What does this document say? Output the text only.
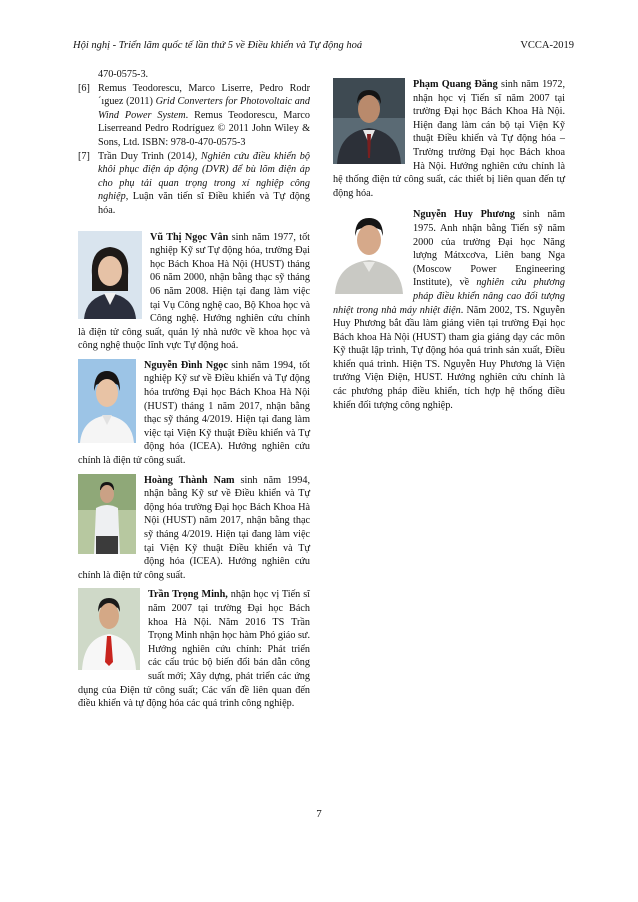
Hội nghị - Triển lãm quốc tế lần thứ 5 về Điều khiển và Tự động hoá	VCCA-2019

470-0575-3.

[6] Remus Teodorescu, Marco Liserre, Pedro Rodr´ıguez (2011) Grid Converters for Photovoltaic and Wind Power System. Remus Teodorescu, Marco Liserreand Pedro Rodríguez © 2011 John Wiley & Sons, Ltd. ISBN: 978-0-470-0575-3

[7] Trần Duy Trinh (2014), Nghiên cứu điều khiển bộ khôi phục điện áp động (DVR) để bù lõm điện áp cho phụ tải quan trọng trong xí nghiệp công nghiệp, Luận văn tiến sĩ Điều khiển và Tự động hóa.

Vũ Thị Ngọc Vân sinh năm 1977, tốt nghiệp Kỹ sư Tự động hóa, trường Đại học Bách Khoa Hà Nội (HUST) tháng 06 năm 2000, nhận bằng thạc sỹ tháng 06 năm 2008. Hiện tại đang làm việc tại Vụ Công nghệ cao, Bộ Khoa học và Công nghệ. Hướng nghiên cứu chính là điện tử công suất, quản lý nhà nước về khoa học và công nghệ thuộc lĩnh vực Tự động hoá.

Nguyễn Đình Ngọc sinh năm 1994, tốt nghiệp Kỹ sư về Điều khiển và Tự động hóa trường Đại học Bách Khoa Hà Nội (HUST) tháng 1 năm 2017, nhận bằng thạc sỹ tháng 4/2019. Hiện tại đang làm việc tại Viện Kỹ thuật Điều khiển và Tự động hóa (ICEA). Hướng nghiên cứu chính là điện tử công suất.

Hoàng Thành Nam sinh năm 1994, nhận bằng Kỹ sư về Điều khiển và Tự động hóa trường Đại học Bách Khoa Hà Nội (HUST) năm 2017, nhận bằng thạc sỹ tháng 4/2019. Hiện tại đang làm việc tại Viện Kỹ thuật Điều khiển và Tự động hóa (ICEA). Hướng nghiên cứu chính là điện tử công suất.

Trần Trọng Minh, nhận học vị Tiến sĩ năm 2007 tại trường Đại học Bách khoa Hà Nội. Năm 2016 TS Trần Trọng Minh nhận học hàm Phó giáo sư. Hướng nghiên cứu chính: Phát triển các cấu trúc bộ biến đổi bán dẫn công suất mới; Xây dựng, phát triển các ứng dụng của Điện tử công suất; Các vấn đề liên quan đến điều khiển và tự động hóa các quá trình công nghiệp.

Phạm Quang Đăng sinh năm 1972, nhận học vị Tiến sĩ năm 2007 tại trường Đại học Bách Khoa Hà Nội. Hiện đang làm cán bộ tại Viện Kỹ thuật Điều khiển và Tự động hóa – Trường trường Đại học Bách khoa Hà Nội. Hướng nghiên cứu chính là hệ thống điện tử công suất, các thiết bị liên quan đến tự động hóa.

Nguyễn Huy Phương sinh năm 1975. Anh nhận bằng Tiến sỹ năm 2000 của trường Đại học Năng lượng Mátxcơva, Liên bang Nga (Moscow Power Engineering Institute), về nghiên cứu phương pháp điều khiển nâng cao đối tượng nhiệt trong nhà máy nhiệt điện. Năm 2002, TS. Nguyễn Huy Phương bắt đầu làm giảng viên tại trường Đại học Bách khoa Hà Nội (HUST) tham gia giảng dạy các môn Kỹ thuật lập trình, Tự động hóa quá trình sản xuất, Điều khiển quá trình. Hiện TS. Nguyễn Huy Phương là Viện trưởng Viện Điện, HUST. Hướng nghiên cứu chính là các phương pháp điều khiển, tích hợp hệ thống điều khiển đối tượng công nghiệp.

7
